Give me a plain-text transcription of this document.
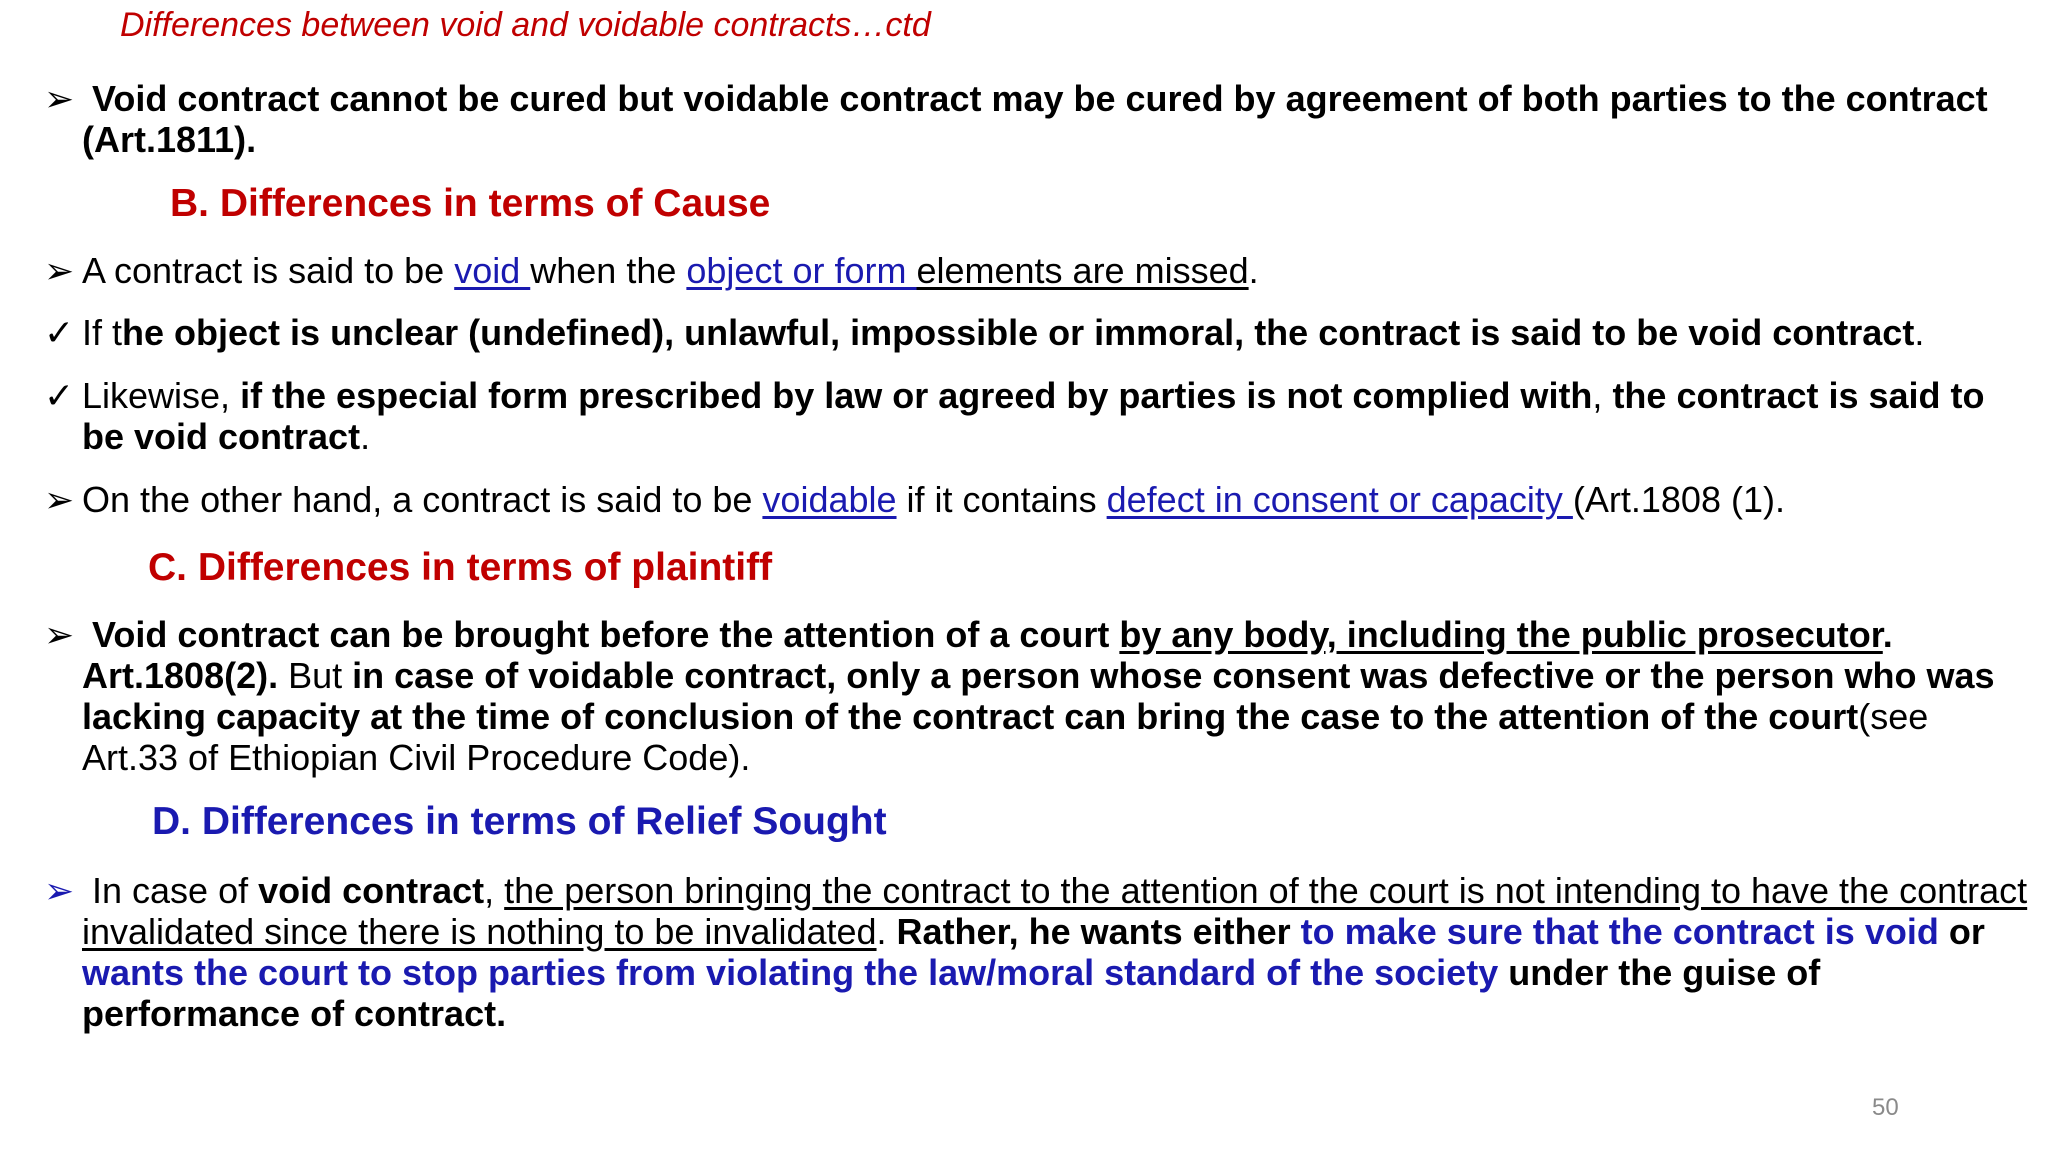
Differences between void and voidable contracts…ctd
➢ Void contract cannot be cured but voidable contract may be cured by agreement of both parties to the contract (Art.1811).
B. Differences in terms of Cause
➢ A contract is said to be void when the object or form elements are missed.
✓ If the object is unclear (undefined), unlawful, impossible or immoral, the contract is said to be void contract.
✓ Likewise, if the especial form prescribed by law or agreed by parties is not complied with, the contract is said to be void contract.
➢ On the other hand, a contract is said to be voidable if it contains defect in consent or capacity (Art.1808 (1).
C. Differences in terms of plaintiff
➢ Void contract can be brought before the attention of a court by any body, including the public prosecutor. Art.1808(2). But in case of voidable contract, only a person whose consent was defective or the person who was lacking capacity at the time of conclusion of the contract can bring the case to the attention of the court(see Art.33 of Ethiopian Civil Procedure Code).
D. Differences in terms of Relief Sought
➢ In case of void contract, the person bringing the contract to the attention of the court is not intending to have the contract invalidated since there is nothing to be invalidated. Rather, he wants either to make sure that the contract is void or wants the court to stop parties from violating the law/moral standard of the society under the guise of performance of contract.
50
